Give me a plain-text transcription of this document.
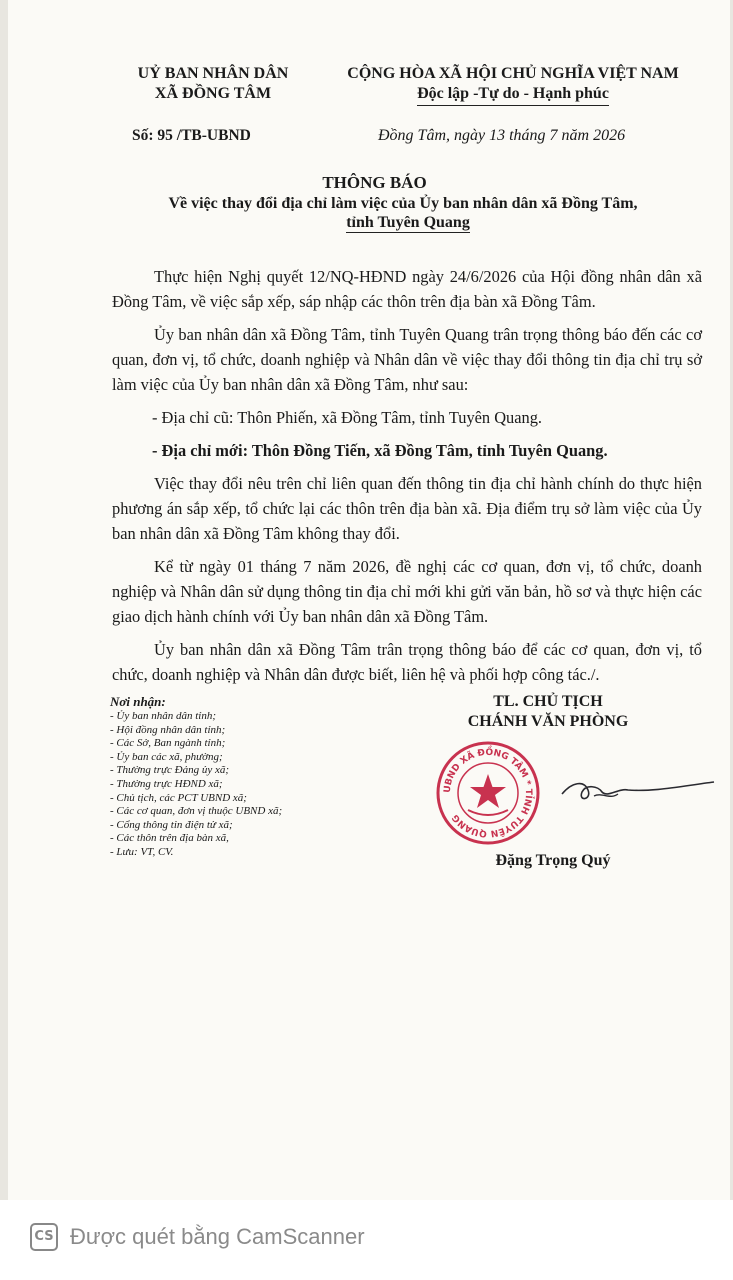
UỶ BAN NHÂN DÂN
XÃ ĐỒNG TÂM
CỘNG HÒA XÃ HỘI CHỦ NGHĨA VIỆT NAM
Độc lập -Tự do - Hạnh phúc
Số: 95 /TB-UBND	Đồng Tâm, ngày 13 tháng 7 năm 2026
THÔNG BÁO
Về việc thay đổi địa chỉ làm việc của Ủy ban nhân dân xã Đồng Tâm,
tỉnh Tuyên Quang

Thực hiện Nghị quyết 12/NQ-HĐND ngày 24/6/2026 của Hội đồng nhân dân xã Đồng Tâm, về việc sắp xếp, sáp nhập các thôn trên địa bàn xã Đồng Tâm.

Ủy ban nhân dân xã Đồng Tâm, tỉnh Tuyên Quang trân trọng thông báo đến các cơ quan, đơn vị, tổ chức, doanh nghiệp và Nhân dân về việc thay đổi thông tin địa chỉ trụ sở làm việc của Ủy ban nhân dân xã Đồng Tâm, như sau:

- Địa chỉ cũ: Thôn Phiến, xã Đồng Tâm, tỉnh Tuyên Quang.

- Địa chỉ mới: Thôn Đồng Tiến, xã Đồng Tâm, tỉnh Tuyên Quang.

Việc thay đổi nêu trên chỉ liên quan đến thông tin địa chỉ hành chính do thực hiện phương án sắp xếp, tổ chức lại các thôn trên địa bàn xã. Địa điểm trụ sở làm việc của Ủy ban nhân dân xã Đồng Tâm không thay đổi.

Kể từ ngày 01 tháng 7 năm 2026, đề nghị các cơ quan, đơn vị, tổ chức, doanh nghiệp và Nhân dân sử dụng thông tin địa chỉ mới khi gửi văn bản, hồ sơ và thực hiện các giao dịch hành chính với Ủy ban nhân dân xã Đồng Tâm.

Ủy ban nhân dân xã Đồng Tâm trân trọng thông báo để các cơ quan, đơn vị, tổ chức, doanh nghiệp và Nhân dân được biết, liên hệ và phối hợp công tác./.

Nơi nhận:
- Ủy ban nhân dân tỉnh;
- Hội đồng nhân dân tỉnh;
- Các Sở, Ban ngành tỉnh;
- Ủy ban các xã, phường;
- Thường trực Đảng ủy xã;
- Thường trực HĐND xã;
- Chủ tịch, các PCT UBND xã;
- Các cơ quan, đơn vị thuộc UBND xã;
- Cổng thông tin điện tử xã;
- Các thôn trên địa bàn xã,
- Lưu: VT, CV.
TL. CHỦ TỊCH
CHÁNH VĂN PHÒNG
UBND XÃ ĐỒNG TÂM * TỈNH TUYÊN QUANG
Đặng Trọng Quý
CS Được quét bằng CamScanner
